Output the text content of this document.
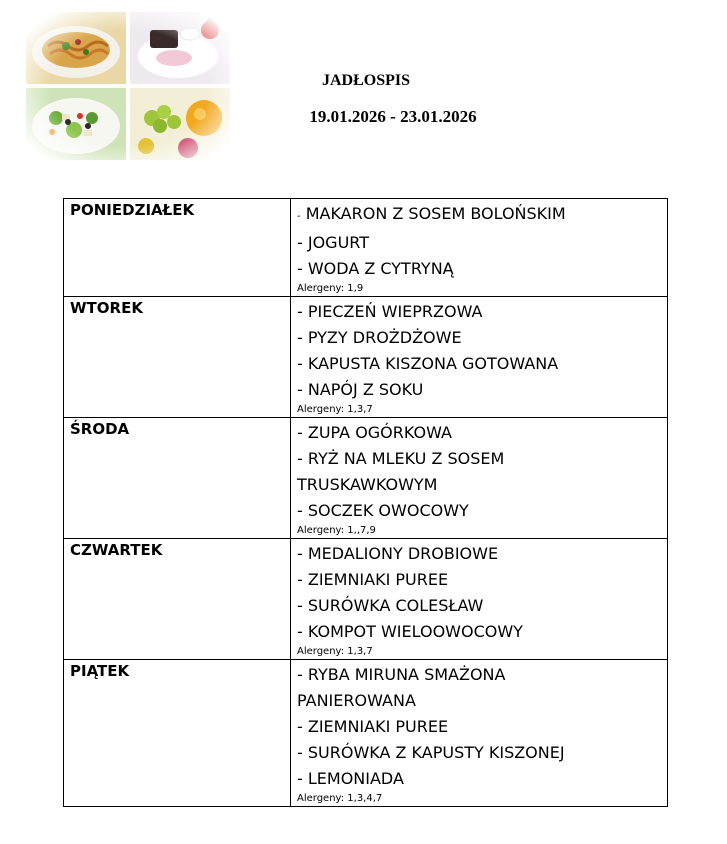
JADŁOSPIS
19.01.2026 - 23.01.2026
PONIEDZIAŁEK	- MAKARON Z SOSEM BOLOŃSKIM
- JOGURT
- WODA Z CYTRYNĄ
Alergeny: 1,9

WTOREK	- PIECZEŃ WIEPRZOWA
- PYZY DROŻDŻOWE
- KAPUSTA KISZONA GOTOWANA
- NAPÓJ Z SOKU
Alergeny: 1,3,7

ŚRODA	- ZUPA OGÓRKOWA
- RYŻ NA MLEKU Z SOSEM TRUSKAWKOWYM
- SOCZEK OWOCOWY
Alergeny: 1,,7,9

CZWARTEK	- MEDALIONY DROBIOWE
- ZIEMNIAKI PUREE
- SURÓWKA COLESŁAW
- KOMPOT WIELOOWOCOWY
Alergeny: 1,3,7

PIĄTEK	- RYBA MIRUNA SMAŻONA PANIEROWANA
- ZIEMNIAKI PUREE
- SURÓWKA Z KAPUSTY KISZONEJ
- LEMONIADA
Alergeny: 1,3,4,7
